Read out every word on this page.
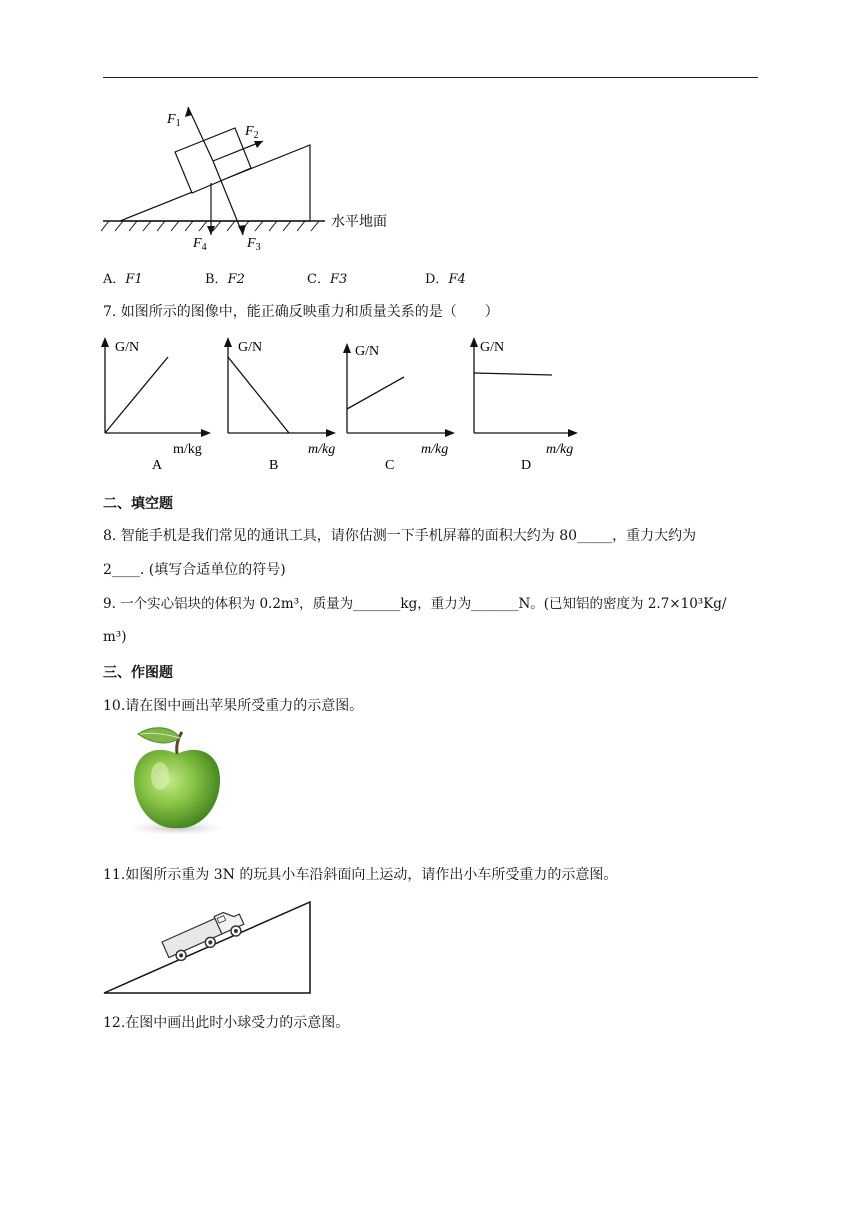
$F_1$
$F_2$
$F_3$
$F_4$
水平地面
A．F1	B．F2	C．F3	D．F4
7. 如图所示的图像中，能正确反映重力和质量关系的是（　　）
G/N
m/kg
A
G/N
m/kg
B
G/N
m/kg
C
G/N
m/kg
D
二、填空题
8. 智能手机是我们常见的通讯工具，请你估测一下手机屏幕的面积大约为 80_____，重力大约为
2____. (填写合适单位的符号)
9. 一个实心铝块的体积为 0.2m³，质量为_______kg，重力为_______N。(已知铝的密度为 2.7×10³Kg/
m³)
三、作图题
10.请在图中画出苹果所受重力的示意图。
11.如图所示重为 3N 的玩具小车沿斜面向上运动，请作出小车所受重力的示意图。
12.在图中画出此时小球受力的示意图。
